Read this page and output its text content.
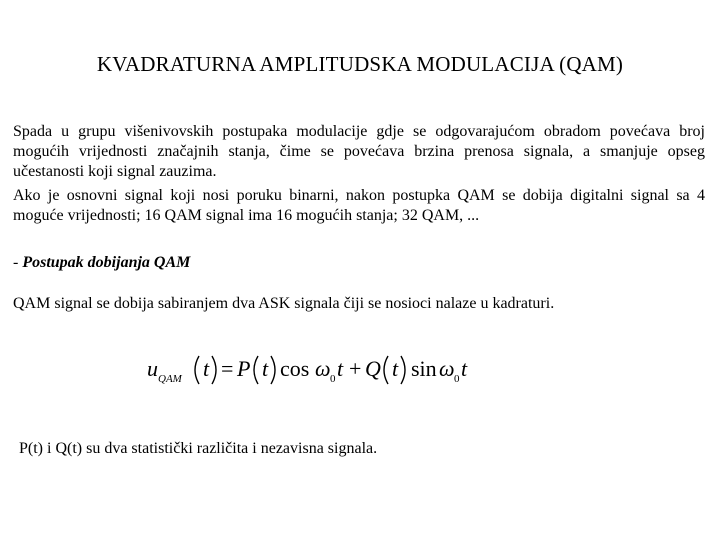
KVADRATURNA AMPLITUDSKA MODULACIJA (QAM)
Spada u grupu višenivovskih postupaka modulacije gdje se odgovarajućom obradom povećava broj mogućih vrijednosti značajnih stanja, čime se povećava brzina prenosa signala, a smanjuje opseg učestanosti koji signal zauzima.
Ako je osnovni signal koji nosi poruku binarni, nakon postupka QAM se dobija digitalni signal sa 4 moguće vrijednosti; 16 QAM signal ima 16 mogućih stanja; 32 QAM, ...
- Postupak dobijanja QAM
QAM signal se dobija sabiranjem dva ASK signala čiji se nosioci nalaze u kadraturi.
u QAM t = P t cos ω 0 t + Q t sin ω 0 t
P(t) i Q(t) su dva statistički različita i nezavisna signala.
